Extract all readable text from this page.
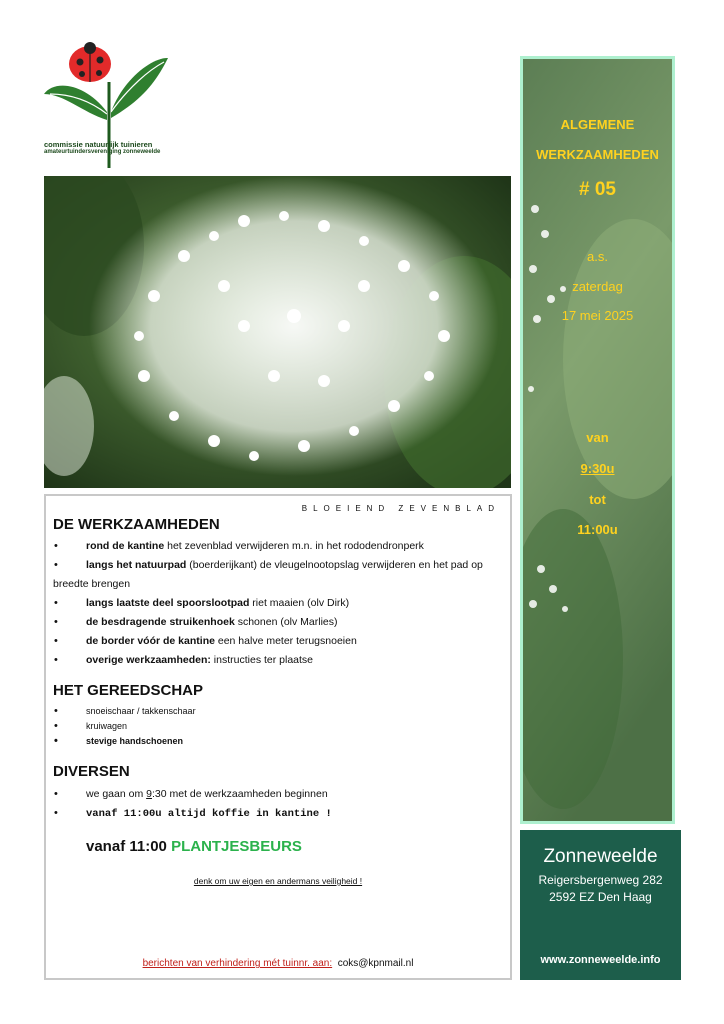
commissie natuurlijk tuinieren
amateurtuindersvereniging zonneweelde
BLOEIEND ZEVENBLAD
DE WERKZAAMHEDEN
• rond de kantine het zevenblad verwijderen m.n. in het rododendronperk
• langs het natuurpad (boerderijkant) de vleugelnootopslag verwijderen en het pad op
breedte brengen
• langs laatste deel spoorslootpad riet maaien (olv Dirk)
• de besdragende struikenhoek schonen (olv Marlies)
• de border vóór de kantine een halve meter terugsnoeien
• overige werkzaamheden: instructies ter plaatse
HET GEREEDSCHAP
• snoeischaar / takkenschaar
• kruiwagen
• stevige handschoenen
DIVERSEN
• we gaan om 9:30 met de werkzaamheden beginnen
• vanaf 11:00u altijd koffie in kantine !
vanaf 11:00 PLANTJESBEURS
denk om uw eigen en andermans veiligheid !
berichten van verhindering mét tuinnr. aan: coks@kpnmail.nl
ALGEMENE
WERKZAAMHEDEN
# 05
a.s.
zaterdag
17 mei 2025
van
9:30u
tot
11:00u
Zonneweelde
Reigersbergenweg 282
2592 EZ Den Haag
www.zonneweelde.info
